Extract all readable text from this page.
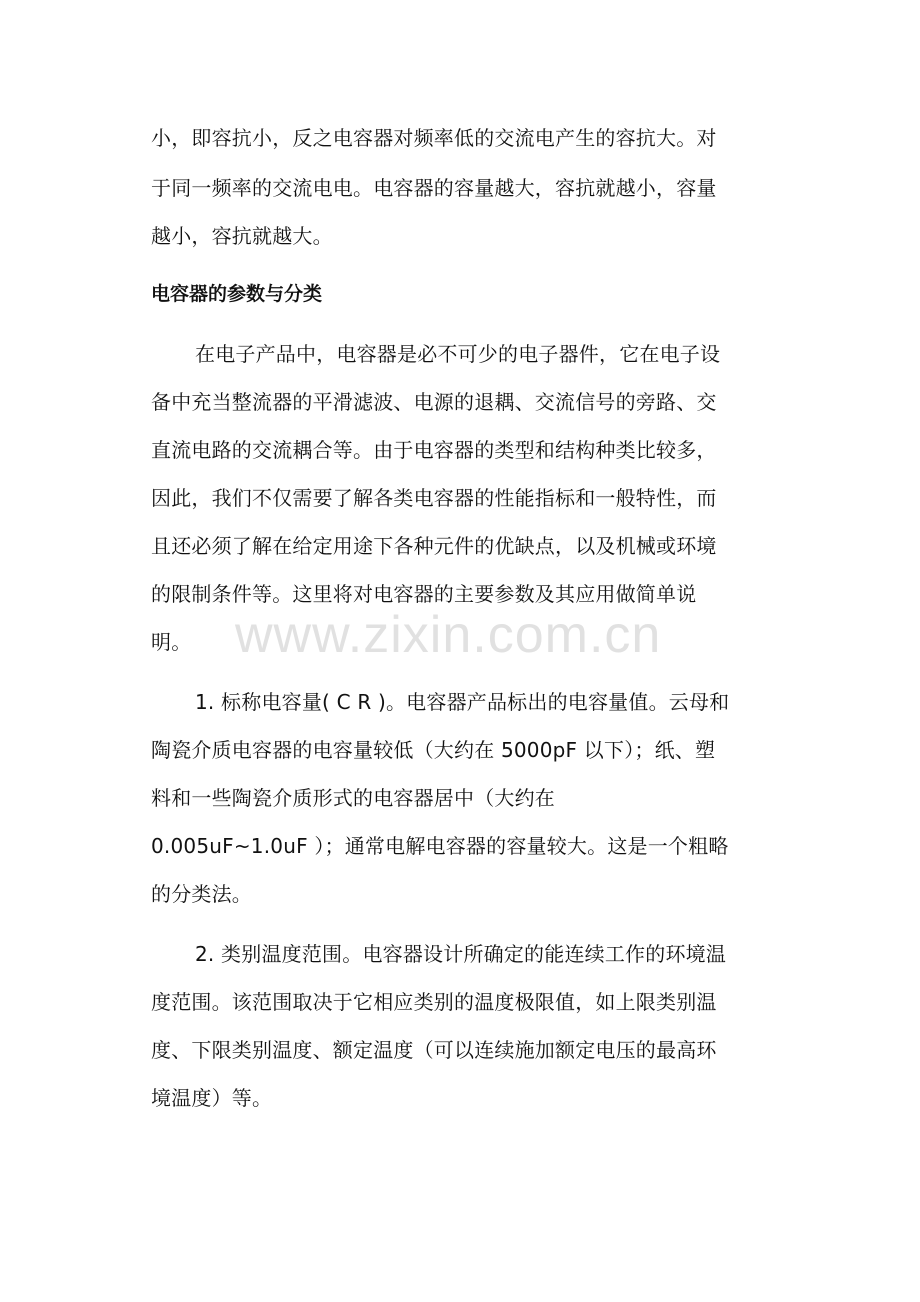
小，即容抗小，反之电容器对频率低的交流电产生的容抗大。对
于同一频率的交流电电。电容器的容量越大，容抗就越小，容量
越小，容抗就越大。
电容器的参数与分类
在电子产品中，电容器是必不可少的电子器件，它在电子设
备中充当整流器的平滑滤波、电源的退耦、交流信号的旁路、交
直流电路的交流耦合等。由于电容器的类型和结构种类比较多，
因此，我们不仅需要了解各类电容器的性能指标和一般特性，而
且还必须了解在给定用途下各种元件的优缺点，以及机械或环境
的限制条件等。这里将对电容器的主要参数及其应用做简单说
明。 www.zixin.com.cn
1. 标称电容量( C R )。电容器产品标出的电容量值。云母和
陶瓷介质电容器的电容量较低（大约在 5000pF 以下）；纸、塑
料和一些陶瓷介质形式的电容器居中（大约在
0.005uF~1.0uF ）；通常电解电容器的容量较大。这是一个粗略
的分类法。
2. 类别温度范围。电容器设计所确定的能连续工作的环境温
度范围。该范围取决于它相应类别的温度极限值，如上限类别温
度、下限类别温度、额定温度（可以连续施加额定电压的最高环
境温度）等。
